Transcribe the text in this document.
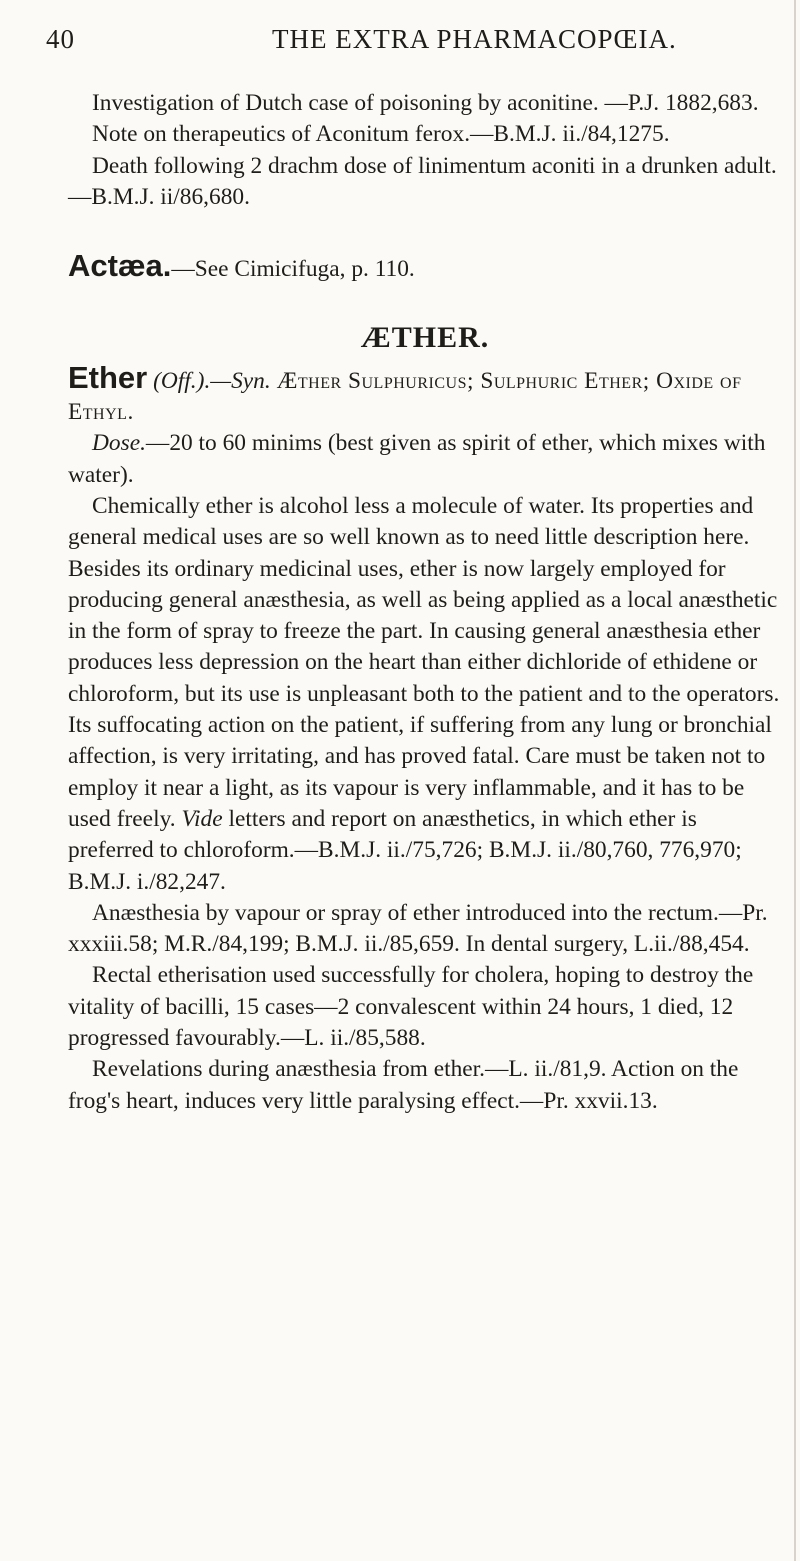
40	THE EXTRA PHARMACOPŒIA.

Investigation of Dutch case of poisoning by aconitine. —P.J. 1882,683.

Note on therapeutics of Aconitum ferox.—B.M.J. ii./84,1275.

Death following 2 drachm dose of linimentum aconiti in a drunken adult.—B.M.J. ii/86,680.

Actæa.—See Cimicifuga, p. 110.

ÆTHER.

Ether (Off.).—Syn. Æther Sulphuricus; Sulphuric Ether; Oxide of Ethyl.

Dose.—20 to 60 minims (best given as spirit of ether, which mixes with water).

Chemically ether is alcohol less a molecule of water. Its properties and general medical uses are so well known as to need little description here. Besides its ordinary medicinal uses, ether is now largely employed for producing general anæsthesia, as well as being applied as a local anæsthetic in the form of spray to freeze the part. In causing general anæsthesia ether produces less depression on the heart than either dichloride of ethidene or chloroform, but its use is unpleasant both to the patient and to the operators. Its suffocating action on the patient, if suffering from any lung or bronchial affection, is very irritating, and has proved fatal. Care must be taken not to employ it near a light, as its vapour is very inflammable, and it has to be used freely. Vide letters and report on anæsthetics, in which ether is preferred to chloroform.—B.M.J. ii./75,726; B.M.J. ii./80,760, 776,970; B.M.J. i./82,247.

Anæsthesia by vapour or spray of ether introduced into the rectum.—Pr. xxxiii.58; M.R./84,199; B.M.J. ii./85,659. In dental surgery, L.ii./88,454.

Rectal etherisation used successfully for cholera, hoping to destroy the vitality of bacilli, 15 cases—2 convalescent within 24 hours, 1 died, 12 progressed favourably.—L. ii./85,588.

Revelations during anæsthesia from ether.—L. ii./81,9. Action on the frog's heart, induces very little paralysing effect.—Pr. xxvii.13.
